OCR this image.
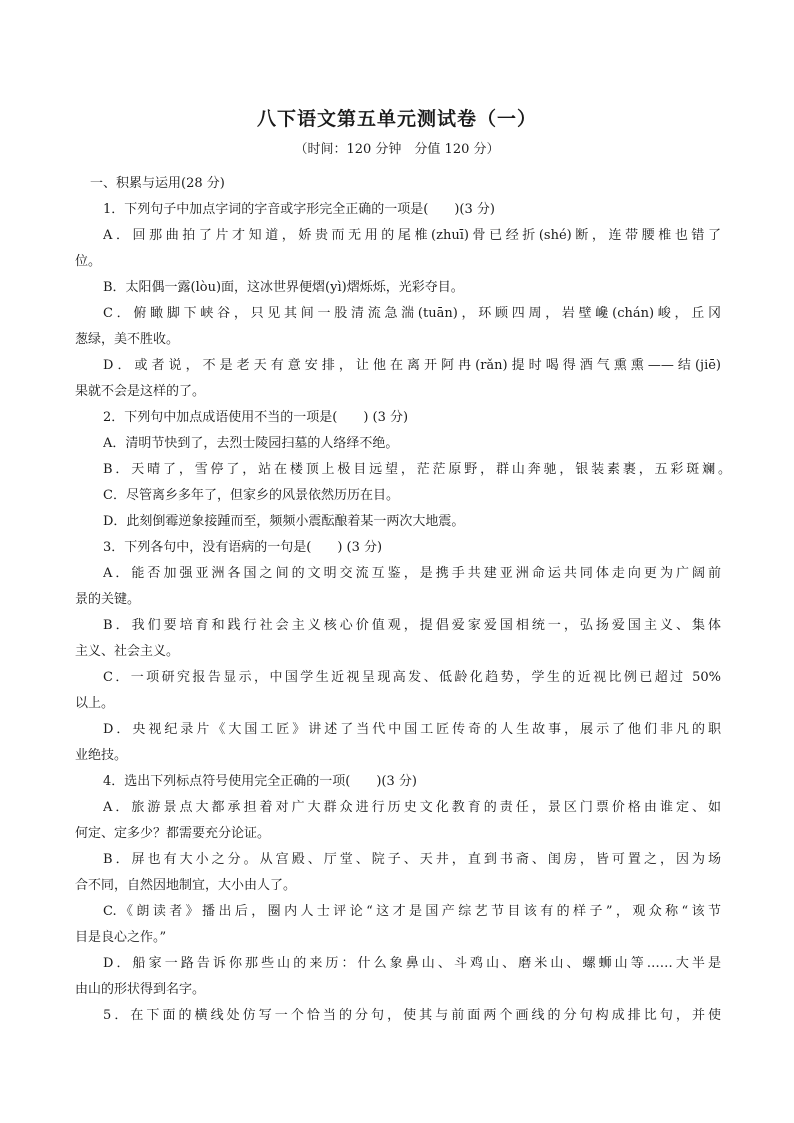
八下语文第五单元测试卷（一）
（时间：120 分钟　分值 120 分）
一、积累与运用(28 分)
1．下列句子中加点字词的字音或字形完全正确的一项是(　　)(3 分)
A．回那曲拍了片才知道，娇贵而无用的尾椎(zhuī)骨已经折(shé)断，连带腰椎也错了
位。
B．太阳偶一露(lòu)面，这冰世界便熠(yì)熠烁烁，光彩夺目。
C．俯瞰脚下峡谷，只见其间一股清流急湍(tuān)，环顾四周，岩壁巉(chán)峻，丘冈
葱绿，美不胜收。
D．或者说，不是老天有意安排，让他在离开阿冉(rǎn)提时喝得酒气熏熏——结(jiē)
果就不会是这样的了。
2．下列句中加点成语使用不当的一项是(　　) (3 分)
A．清明节快到了，去烈士陵园扫墓的人络绎不绝。
B．天晴了，雪停了，站在楼顶上极目远望，茫茫原野，群山奔驰，银装素裹，五彩斑斓。
C．尽管离乡多年了，但家乡的风景依然历历在目。
D．此刻倒霉逆象接踵而至，频频小震酝酿着某一两次大地震。
3．下列各句中，没有语病的一句是(　　) (3 分)
A．能否加强亚洲各国之间的文明交流互鉴，是携手共建亚洲命运共同体走向更为广阔前
景的关键。
B．我们要培育和践行社会主义核心价值观，提倡爱家爱国相统一，弘扬爱国主义、集体
主义、社会主义。
C．一项研究报告显示，中国学生近视呈现高发、低龄化趋势，学生的近视比例已超过 50%
以上。
D．央视纪录片《大国工匠》讲述了当代中国工匠传奇的人生故事，展示了他们非凡的职
业绝技。
4．选出下列标点符号使用完全正确的一项(　　)(3 分)
A．旅游景点大都承担着对广大群众进行历史文化教育的责任，景区门票价格由谁定、如
何定、定多少？都需要充分论证。
B．屏也有大小之分。从宫殿、厅堂、院子、天井，直到书斋、闺房，皆可置之，因为场
合不同，自然因地制宜，大小由人了。
C.《朗读者》播出后，圈内人士评论“这才是国产综艺节目该有的样子”，观众称“该节
目是良心之作。”
D．船家一路告诉你那些山的来历：什么象鼻山、斗鸡山、磨米山、螺蛳山等……大半是
由山的形状得到名字。
5．在下面的横线处仿写一个恰当的分句，使其与前面两个画线的分句构成排比句，并使
